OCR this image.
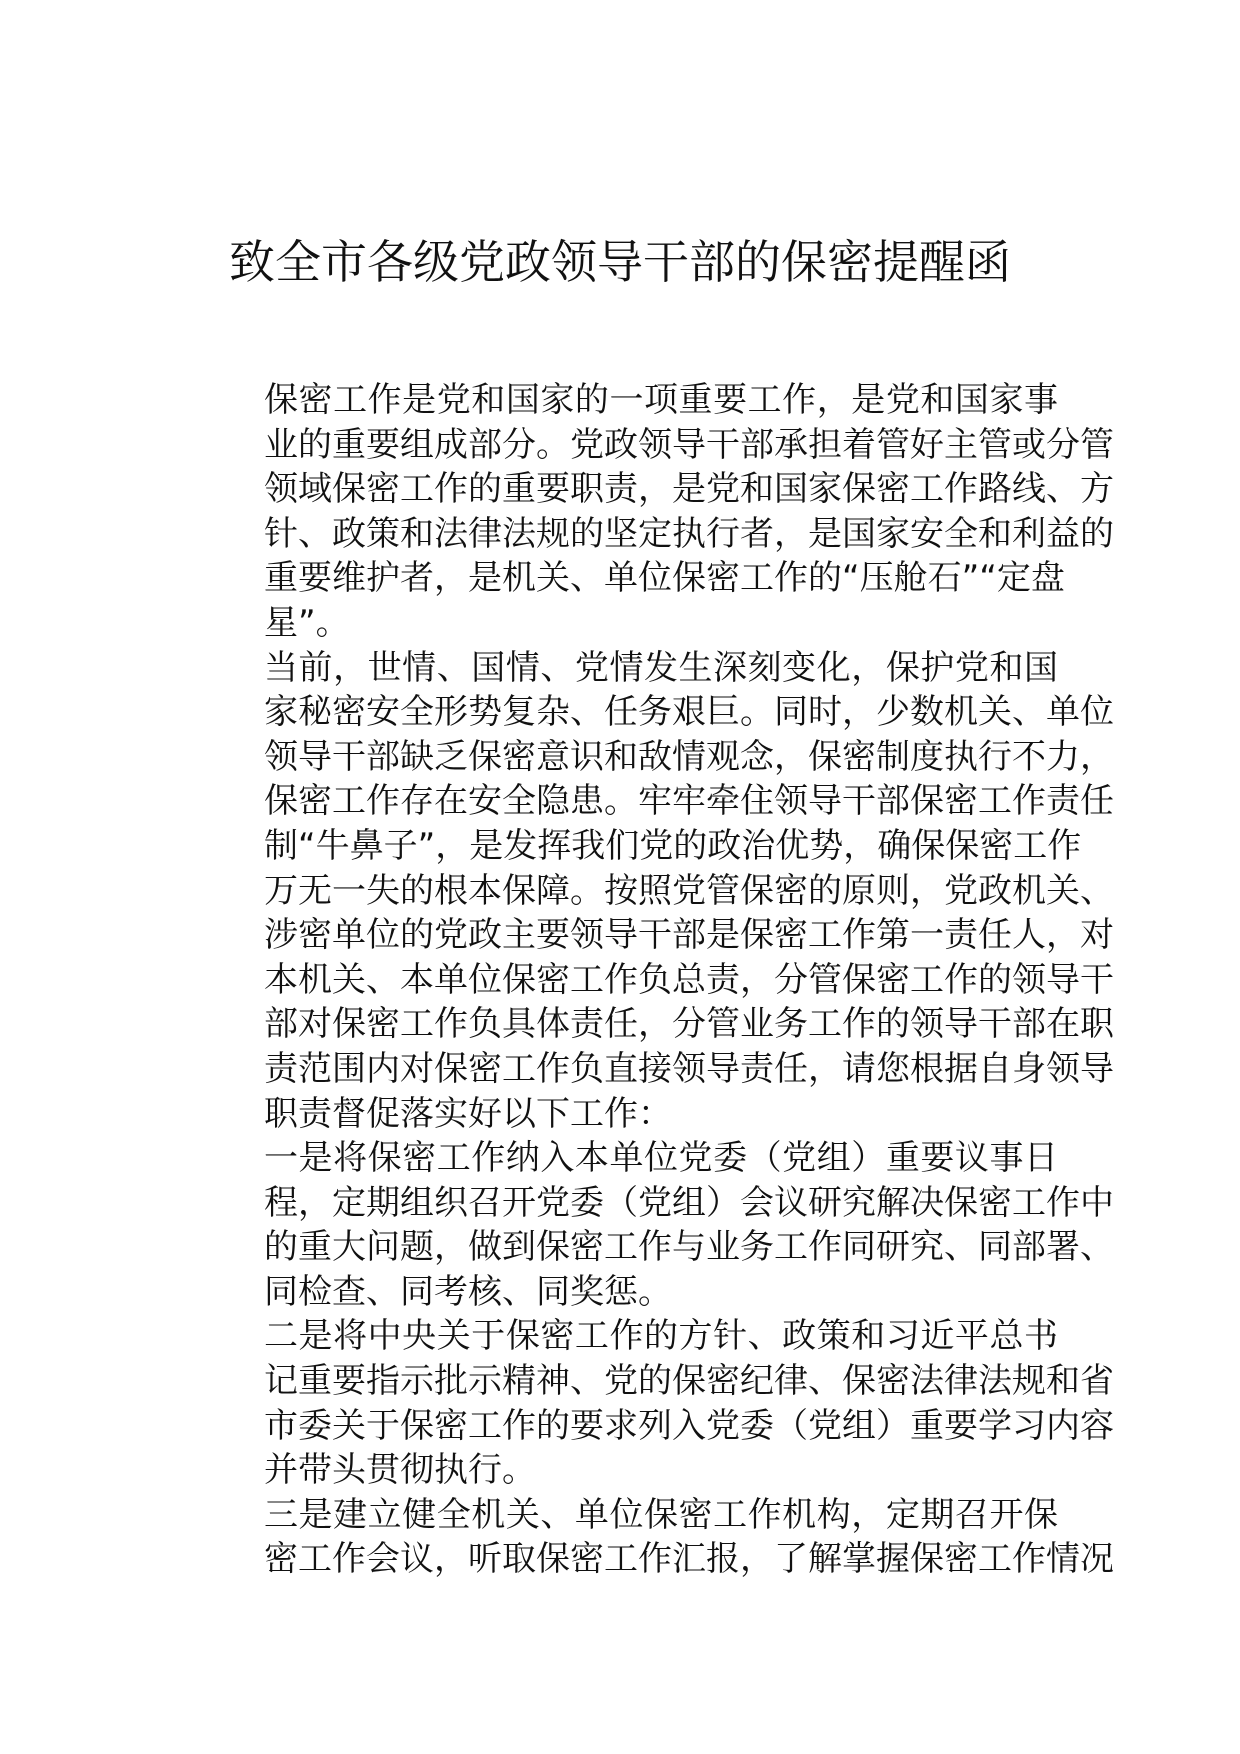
致全市各级党政领导干部的保密提醒函

保密工作是党和国家的一项重要工作，是党和国家事
业的重要组成部分。党政领导干部承担着管好主管或分管
领域保密工作的重要职责，是党和国家保密工作路线、方
针、政策和法律法规的坚定执行者，是国家安全和利益的
重要维护者，是机关、单位保密工作的“压舱石”“定盘
星”。

当前，世情、国情、党情发生深刻变化，保护党和国
家秘密安全形势复杂、任务艰巨。同时，少数机关、单位
领导干部缺乏保密意识和敌情观念，保密制度执行不力，
保密工作存在安全隐患。牢牢牵住领导干部保密工作责任
制“牛鼻子”，是发挥我们党的政治优势，确保保密工作
万无一失的根本保障。按照党管保密的原则，党政机关、
涉密单位的党政主要领导干部是保密工作第一责任人，对
本机关、本单位保密工作负总责，分管保密工作的领导干
部对保密工作负具体责任，分管业务工作的领导干部在职
责范围内对保密工作负直接领导责任，请您根据自身领导
职责督促落实好以下工作：

一是将保密工作纳入本单位党委（党组）重要议事日
程，定期组织召开党委（党组）会议研究解决保密工作中
的重大问题，做到保密工作与业务工作同研究、同部署、
同检查、同考核、同奖惩。

二是将中央关于保密工作的方针、政策和习近平总书
记重要指示批示精神、党的保密纪律、保密法律法规和省
市委关于保密工作的要求列入党委（党组）重要学习内容
并带头贯彻执行。

三是建立健全机关、单位保密工作机构，定期召开保
密工作会议，听取保密工作汇报，了解掌握保密工作情况
